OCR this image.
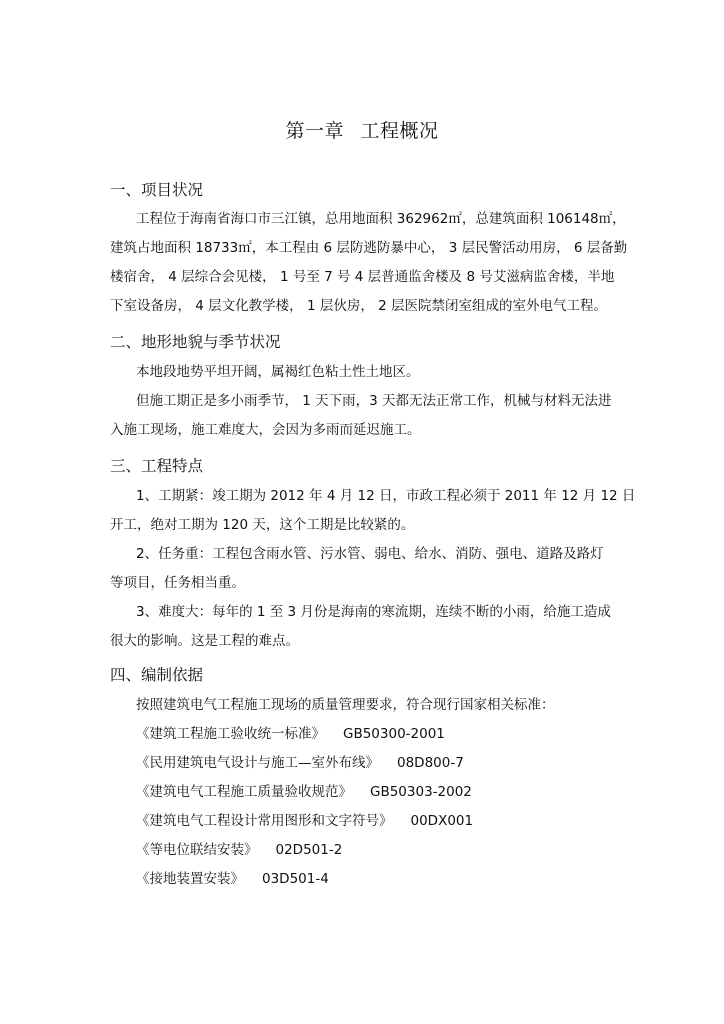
第一章 工程概况
一、项目状况
工程位于海南省海口市三江镇，总用地面积 362962㎡，总建筑面积 106148㎡，
建筑占地面积 18733㎡，本工程由 6 层防逃防暴中心， 3 层民警活动用房， 6 层备勤
楼宿舍， 4 层综合会见楼， 1 号至 7 号 4 层普通监舍楼及 8 号艾滋病监舍楼，半地
下室设备房， 4 层文化教学楼， 1 层伙房， 2 层医院禁闭室组成的室外电气工程。
二、地形地貌与季节状况
本地段地势平坦开阔，属褐红色粘土性土地区。
但施工期正是多小雨季节， 1 天下雨，3 天都无法正常工作，机械与材料无法进
入施工现场，施工难度大，会因为多雨而延迟施工。
三、工程特点
1、工期紧：竣工期为 2012 年 4 月 12 日，市政工程必须于 2011 年 12 月 12 日
开工，绝对工期为 120 天，这个工期是比较紧的。
2、任务重：工程包含雨水管、污水管、弱电、给水、消防、强电、道路及路灯
等项目，任务相当重。
3、难度大：每年的 1 至 3 月份是海南的寒流期，连续不断的小雨，给施工造成
很大的影响。这是工程的难点。
四、编制依据
按照建筑电气工程施工现场的质量管理要求，符合现行国家相关标准：
《建筑工程施工验收统一标准》 GB50300-2001
《民用建筑电气设计与施工—室外布线》 08D800-7
《建筑电气工程施工质量验收规范》 GB50303-2002
《建筑电气工程设计常用图形和文字符号》 00DX001
《等电位联结安装》 02D501-2
《接地装置安装》 03D501-4
